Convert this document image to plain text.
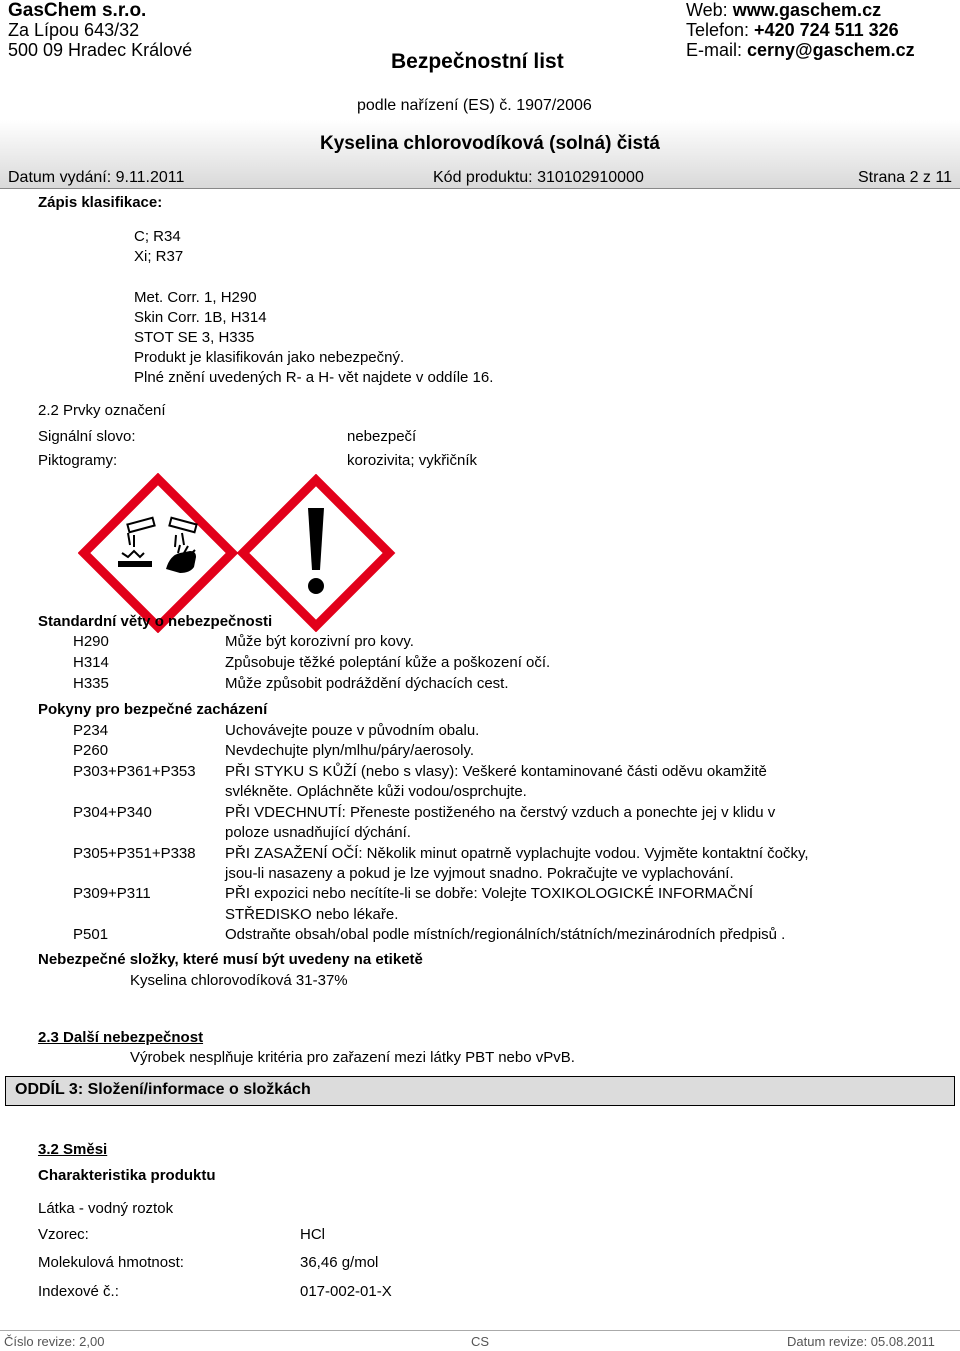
GasChem s.r.o.
Za Lípou 643/32
500 09 Hradec Králové
Web: www.gaschem.cz
Telefon: +420 724 511 326
E-mail: cerny@gaschem.cz
Bezpečnostní list
podle nařízení (ES) č. 1907/2006
Kyselina chlorovodíková (solná) čistá
Datum vydání: 9.11.2011	Kód produktu: 310102910000	Strana 2 z 11
Zápis klasifikace:
C; R34
Xi; R37
Met. Corr. 1, H290
Skin Corr. 1B, H314
STOT SE 3, H335
Produkt je klasifikován jako nebezpečný.
Plné znění uvedených R- a H- vět najdete v oddíle 16.
2.2 Prvky označení
Signální slovo:	nebezpečí
Piktogramy:	korozivita; vykřičník
Standardní věty o nebezpečnosti
H290	Může být korozivní pro kovy.
H314	Způsobuje těžké poleptání kůže a poškození očí.
H335	Může způsobit podráždění dýchacích cest.
Pokyny pro bezpečné zacházení
P234	Uchovávejte pouze v původním obalu.
P260	Nevdechujte plyn/mlhu/páry/aerosoly.
P303+P361+P353 PŘI STYKU S KŮŽÍ (nebo s vlasy): Veškeré kontaminované části oděvu okamžitě
svlékněte. Opláchněte kůži vodou/osprchujte.
P304+P340	PŘI VDECHNUTÍ: Přeneste postiženého na čerstvý vzduch a ponechte jej v klidu v
poloze usnadňující dýchání.
P305+P351+P338 PŘI ZASAŽENÍ OČÍ: Několik minut opatrně vyplachujte vodou. Vyjměte kontaktní čočky,
jsou-li nasazeny a pokud je lze vyjmout snadno. Pokračujte ve vyplachování.
P309+P311	PŘI expozici nebo necítíte-li se dobře: Volejte TOXIKOLOGICKÉ INFORMAČNÍ
STŘEDISKO nebo lékaře.
P501	Odstraňte obsah/obal podle místních/regionálních/státních/mezinárodních předpisů .
Nebezpečné složky, které musí být uvedeny na etiketě
Kyselina chlorovodíková 31-37%
2.3 Další nebezpečnost
Výrobek nesplňuje kritéria pro zařazení mezi látky PBT nebo vPvB.
ODDÍL 3: Složení/informace o složkách
3.2 Směsi
Charakteristika produktu
Látka - vodný roztok
Vzorec:	HCl
Molekulová hmotnost:	36,46 g/mol
Indexové č.:	017-002-01-X
Číslo revize: 2,00	CS	Datum revize: 05.08.2011
